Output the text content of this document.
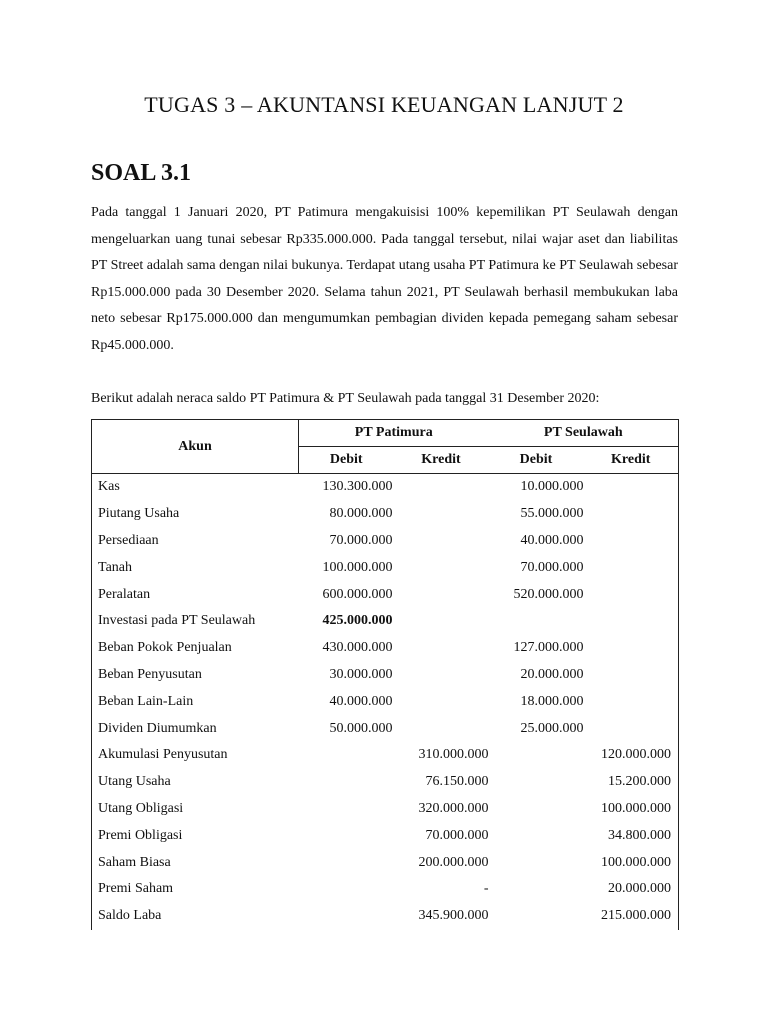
TUGAS 3 – AKUNTANSI KEUANGAN LANJUT 2
SOAL 3.1
Pada tanggal 1 Januari 2020, PT Patimura mengakuisisi 100% kepemilikan PT Seulawah dengan mengeluarkan uang tunai sebesar Rp335.000.000. Pada tanggal tersebut, nilai wajar aset dan liabilitas PT Street adalah sama dengan nilai bukunya. Terdapat utang usaha PT Patimura ke PT Seulawah sebesar Rp15.000.000 pada 30 Desember 2020. Selama tahun 2021, PT Seulawah berhasil membukukan laba neto sebesar Rp175.000.000 dan mengumumkan pembagian dividen kepada pemegang saham sebesar Rp45.000.000.
Berikut adalah neraca saldo PT Patimura & PT Seulawah pada tanggal 31 Desember 2020:
Akun	PT Patimura		PT Seulawah	
	Debit	Kredit	Debit	Kredit
Kas	130.300.000		10.000.000	
Piutang Usaha	80.000.000		55.000.000	
Persediaan	70.000.000		40.000.000	
Tanah	100.000.000		70.000.000	
Peralatan	600.000.000		520.000.000	
Investasi pada PT Seulawah	425.000.000			
Beban Pokok Penjualan	430.000.000		127.000.000	
Beban Penyusutan	30.000.000		20.000.000	
Beban Lain-Lain	40.000.000		18.000.000	
Dividen Diumumkan	50.000.000		25.000.000	
Akumulasi Penyusutan		310.000.000		120.000.000
Utang Usaha		76.150.000		15.200.000
Utang Obligasi		320.000.000		100.000.000
Premi Obligasi		70.000.000		34.800.000
Saham Biasa		200.000.000		100.000.000
Premi Saham		-		20.000.000
Saldo Laba		345.900.000		215.000.000
